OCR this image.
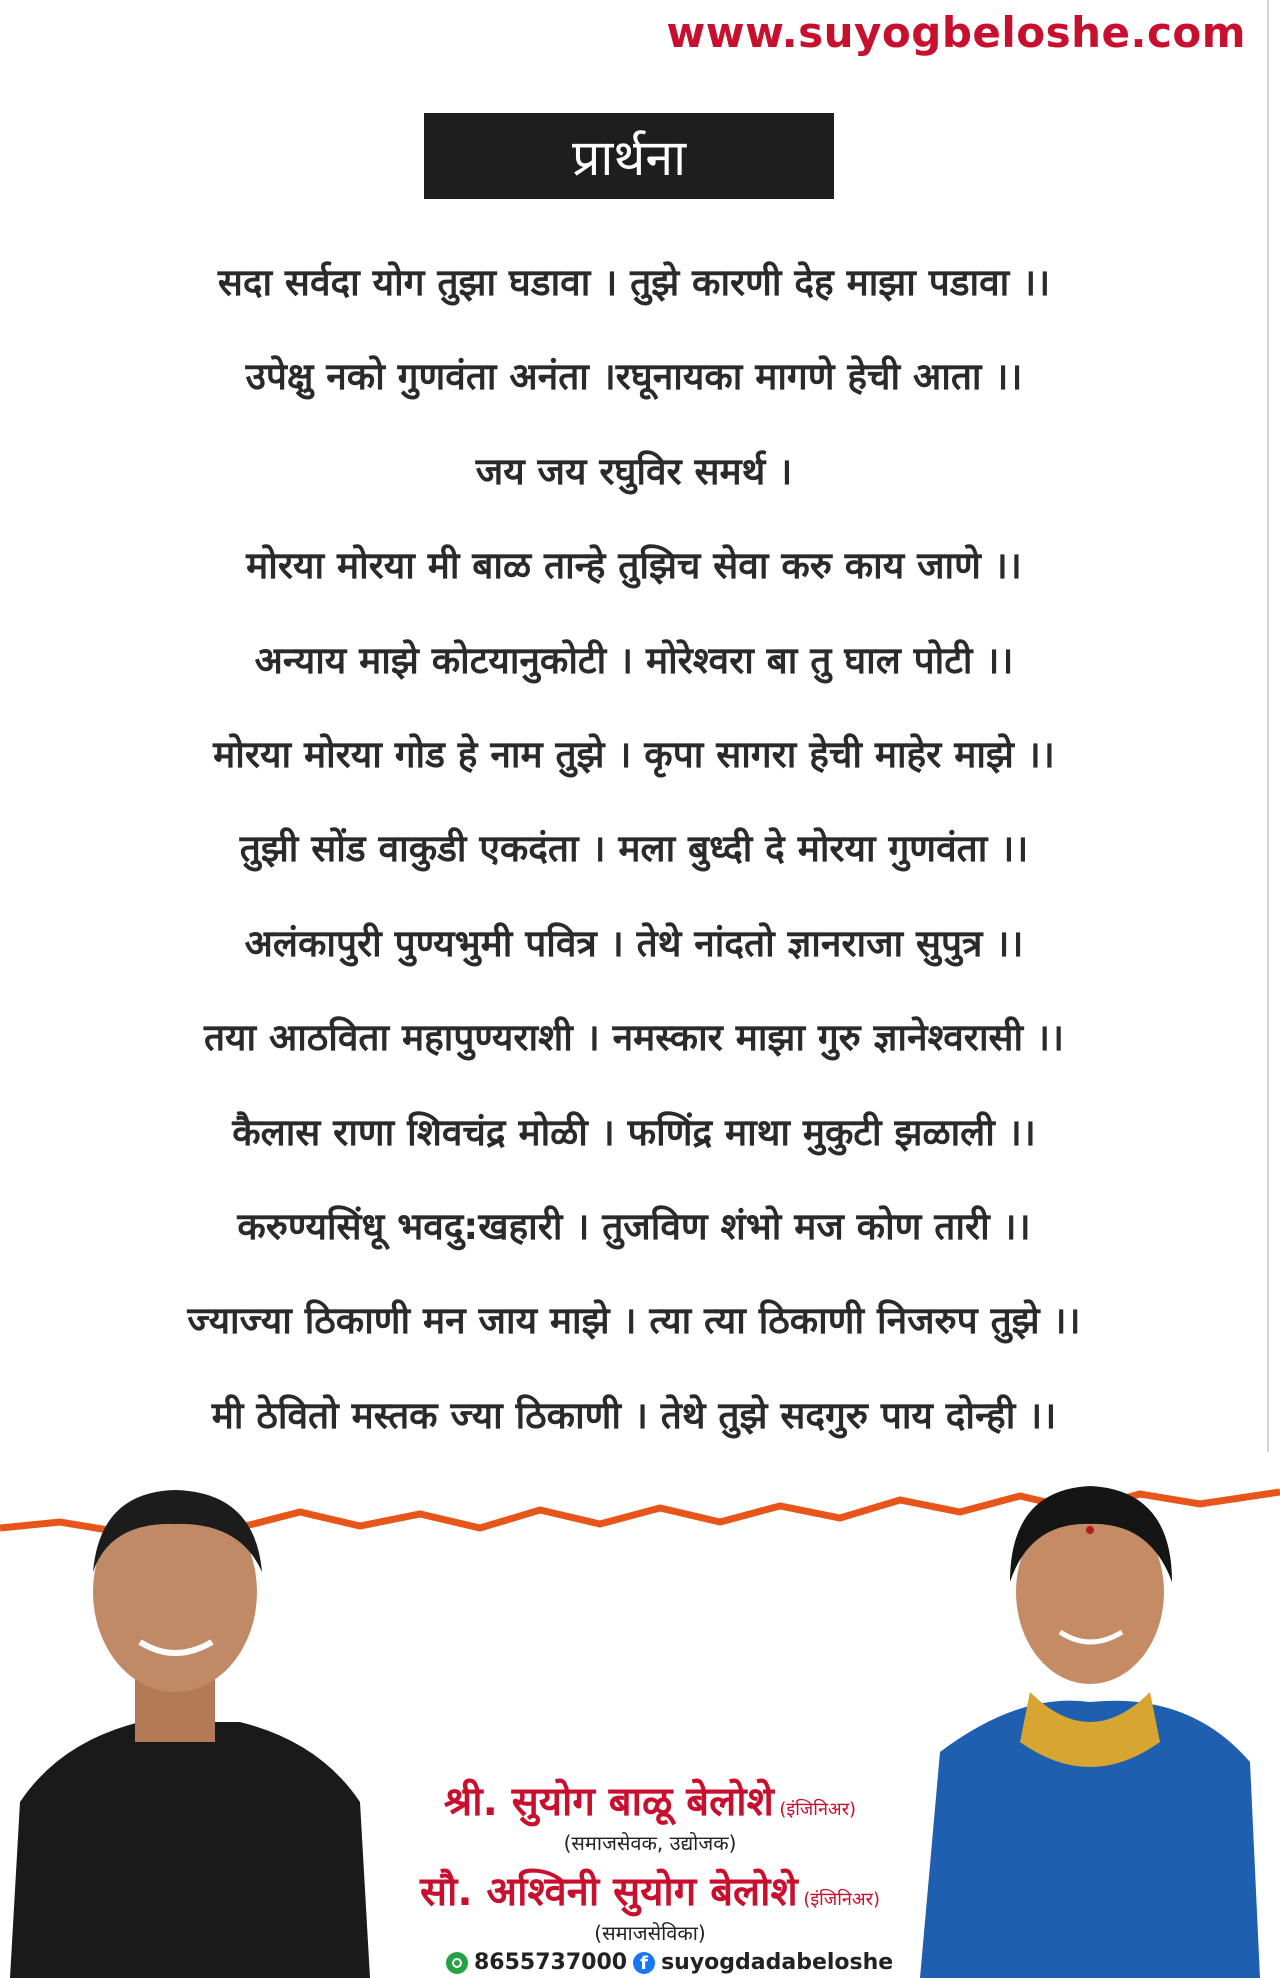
www.suyogbeloshe.com
प्रार्थना
सदा सर्वदा योग तुझा घडावा । तुझे कारणी देह माझा पडावा ।।
उपेक्षु नको गुणवंता अनंता ।रघूनायका मागणे हेची आता ।।
जय जय रघुविर समर्थ ।
मोरया मोरया मी बाळ तान्हे तुझिच सेवा करु काय जाणे ।।
अन्याय माझे कोटयानुकोटी । मोरेश्वरा बा तु घाल पोटी ।।
मोरया मोरया गोड हे नाम तुझे । कृपा सागरा हेची माहेर माझे ।।
तुझी सोंड वाकुडी एकदंता । मला बुध्दी दे मोरया गुणवंता ।।
अलंकापुरी पुण्यभुमी पवित्र । तेथे नांदतो ज्ञानराजा सुपुत्र ।।
तया आठविता महापुण्यराशी । नमस्कार माझा गुरु ज्ञानेश्वरासी ।।
कैलास राणा शिवचंद्र मोळी । फणिंद्र माथा मुकुटी झळाली ।।
करुण्यसिंधू भवदु:खहारी । तुजविण शंभो मज कोण तारी ।।
ज्याज्या ठिकाणी मन जाय माझे । त्या त्या ठिकाणी निजरुप तुझे ।।
मी ठेवितो मस्तक ज्या ठिकाणी । तेथे तुझे सदगुरु पाय दोन्ही ।।
श्री. सुयोग बाळू बेलोशे (इंजिनिअर)
(समाजसेवक, उद्योजक)
सौ. अश्विनी सुयोग बेलोशे (इंजिनिअर)
(समाजसेविका)
8655737000 f suyogdadabeloshe
